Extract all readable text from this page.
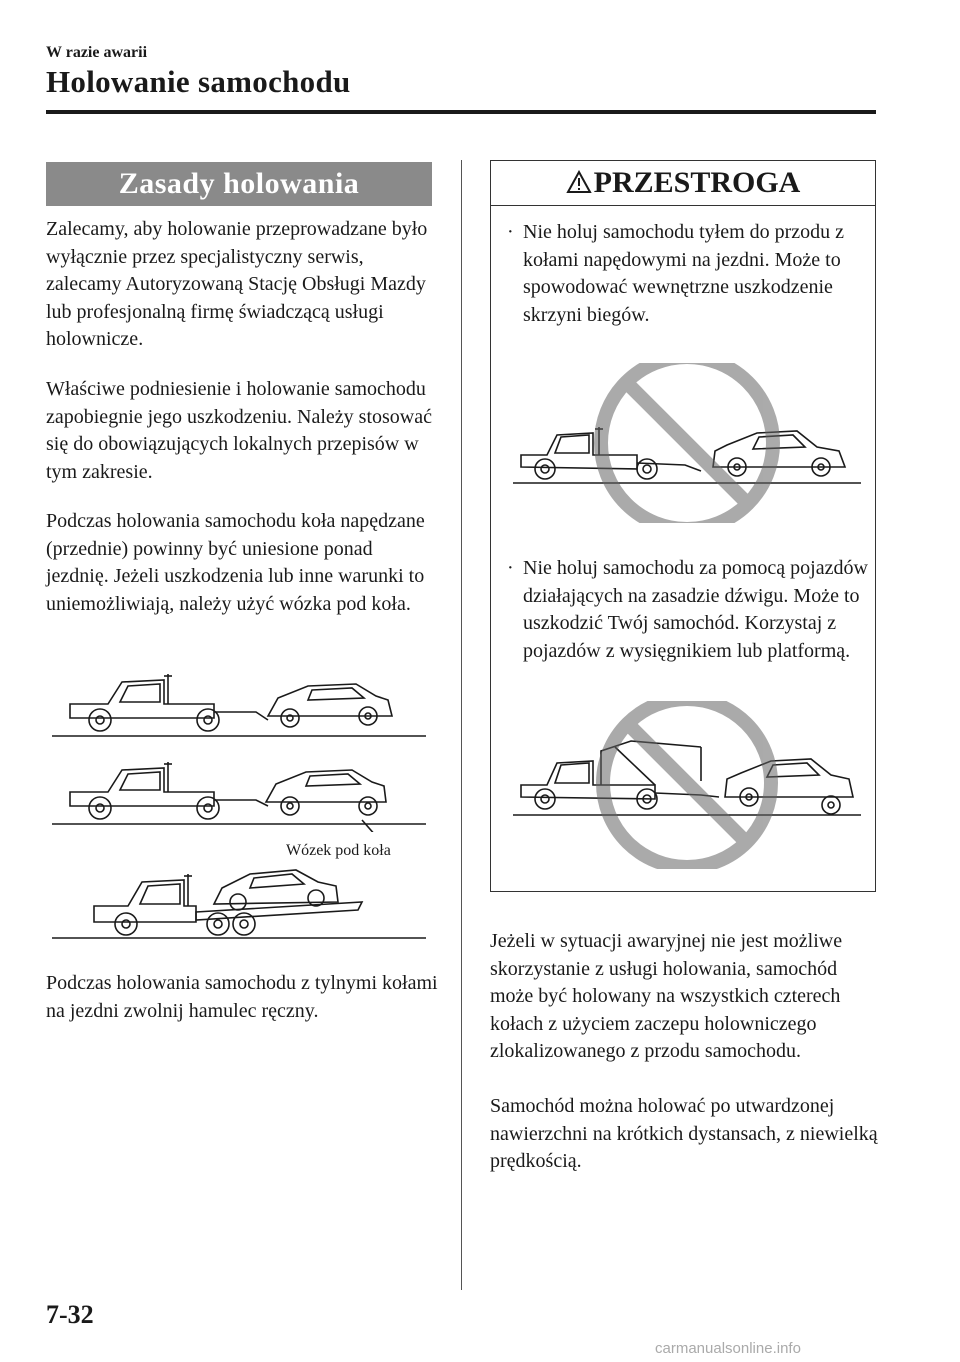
W razie awarii
Holowanie samochodu
Zasady holowania
Zalecamy, aby holowanie przeprowadzane było wyłącznie przez specjalistyczny serwis, zalecamy Autoryzowaną Stację Obsługi Mazdy lub profesjonalną firmę świadczącą usługi holownicze.
Właściwe podniesienie i holowanie samochodu zapobiegnie jego uszkodzeniu. Należy stosować się do obowiązujących lokalnych przepisów w tym zakresie.
Podczas holowania samochodu koła napędzane (przednie) powinny być uniesione ponad jezdnię. Jeżeli uszkodzenia lub inne warunki to uniemożliwiają, należy użyć wózka pod koła.
Wózek pod koła
Podczas holowania samochodu z tylnymi kołami na jezdni zwolnij hamulec ręczny.
PRZESTROGA
· Nie holuj samochodu tyłem do przodu z kołami napędowymi na jezdni. Może to spowodować wewnętrzne uszkodzenie skrzyni biegów.
· Nie holuj samochodu za pomocą pojazdów działających na zasadzie dźwigu. Może to uszkodzić Twój samochód. Korzystaj z pojazdów z wysięgnikiem lub platformą.
Jeżeli w sytuacji awaryjnej nie jest możliwe skorzystanie z usługi holowania, samochód może być holowany na wszystkich czterech kołach z użyciem zaczepu holowniczego zlokalizowanego z przodu samochodu.
Samochód można holować po utwardzonej nawierzchni na krótkich dystansach, z niewielką prędkością.
7-32
carmanualsonline.info
